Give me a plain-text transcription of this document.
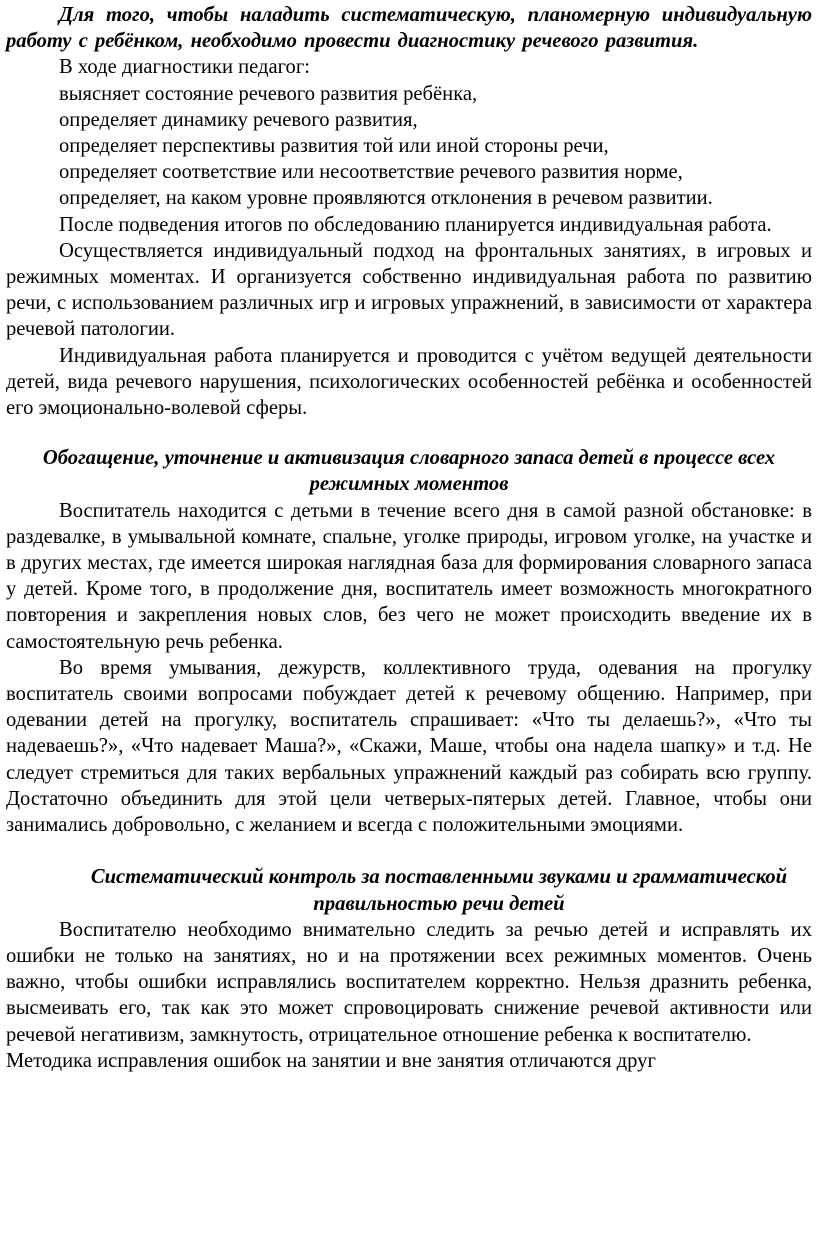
Для того, чтобы наладить систематическую, планомерную индивидуальную работу с ребёнком, необходимо провести диагностику речевого развития.

В ходе диагностики педагог:

выясняет состояние речевого развития ребёнка,

определяет динамику речевого развития,

определяет перспективы развития той или иной стороны речи,

определяет соответствие или несоответствие речевого развития норме,

определяет, на каком уровне проявляются отклонения в речевом развитии.

После подведения итогов по обследованию планируется индивидуальная работа.

Осуществляется индивидуальный подход на фронтальных занятиях, в игровых и режимных моментах. И организуется собственно индивидуальная работа по развитию речи, с использованием различных игр и игровых упражнений, в зависимости от характера речевой патологии.

Индивидуальная работа планируется и проводится с учётом ведущей деятельности детей, вида речевого нарушения, психологических особенностей ребёнка и особенностей его эмоционально-волевой сферы.

Обогащение, уточнение и активизация словарного запаса детей в процессе всех режимных моментов

Воспитатель находится с детьми в течение всего дня в самой разной обстановке: в раздевалке, в умывальной комнате, спальне, уголке природы, игровом уголке, на участке и в других местах, где имеется широкая наглядная база для формирования словарного запаса у детей. Кроме того, в продолжение дня, воспитатель имеет возможность многократного повторения и закрепления новых слов, без чего не может происходить введение их в самостоятельную речь ребенка.

Во время умывания, дежурств, коллективного труда, одевания на прогулку воспитатель своими вопросами побуждает детей к речевому общению. Например, при одевании детей на прогулку, воспитатель спрашивает: «Что ты делаешь?», «Что ты надеваешь?», «Что надевает Маша?», «Скажи, Маше, чтобы она надела шапку» и т.д. Не следует стремиться для таких вербальных упражнений каждый раз собирать всю группу. Достаточно объединить для этой цели четверых-пятерых детей. Главное, чтобы они занимались добровольно, с желанием и всегда с положительными эмоциями.

Систематический контроль за поставленными звуками и грамматической правильностью речи детей

Воспитателю необходимо внимательно следить за речью детей и исправлять их ошибки не только на занятиях, но и на протяжении всех режимных моментов. Очень важно, чтобы ошибки исправлялись воспитателем корректно. Нельзя дразнить ребенка, высмеивать его, так как это может спровоцировать снижение речевой активности или речевой негативизм, замкнутость, отрицательное отношение ребенка к воспитателю.

Методика исправления ошибок на занятии и вне занятия отличаются друг
